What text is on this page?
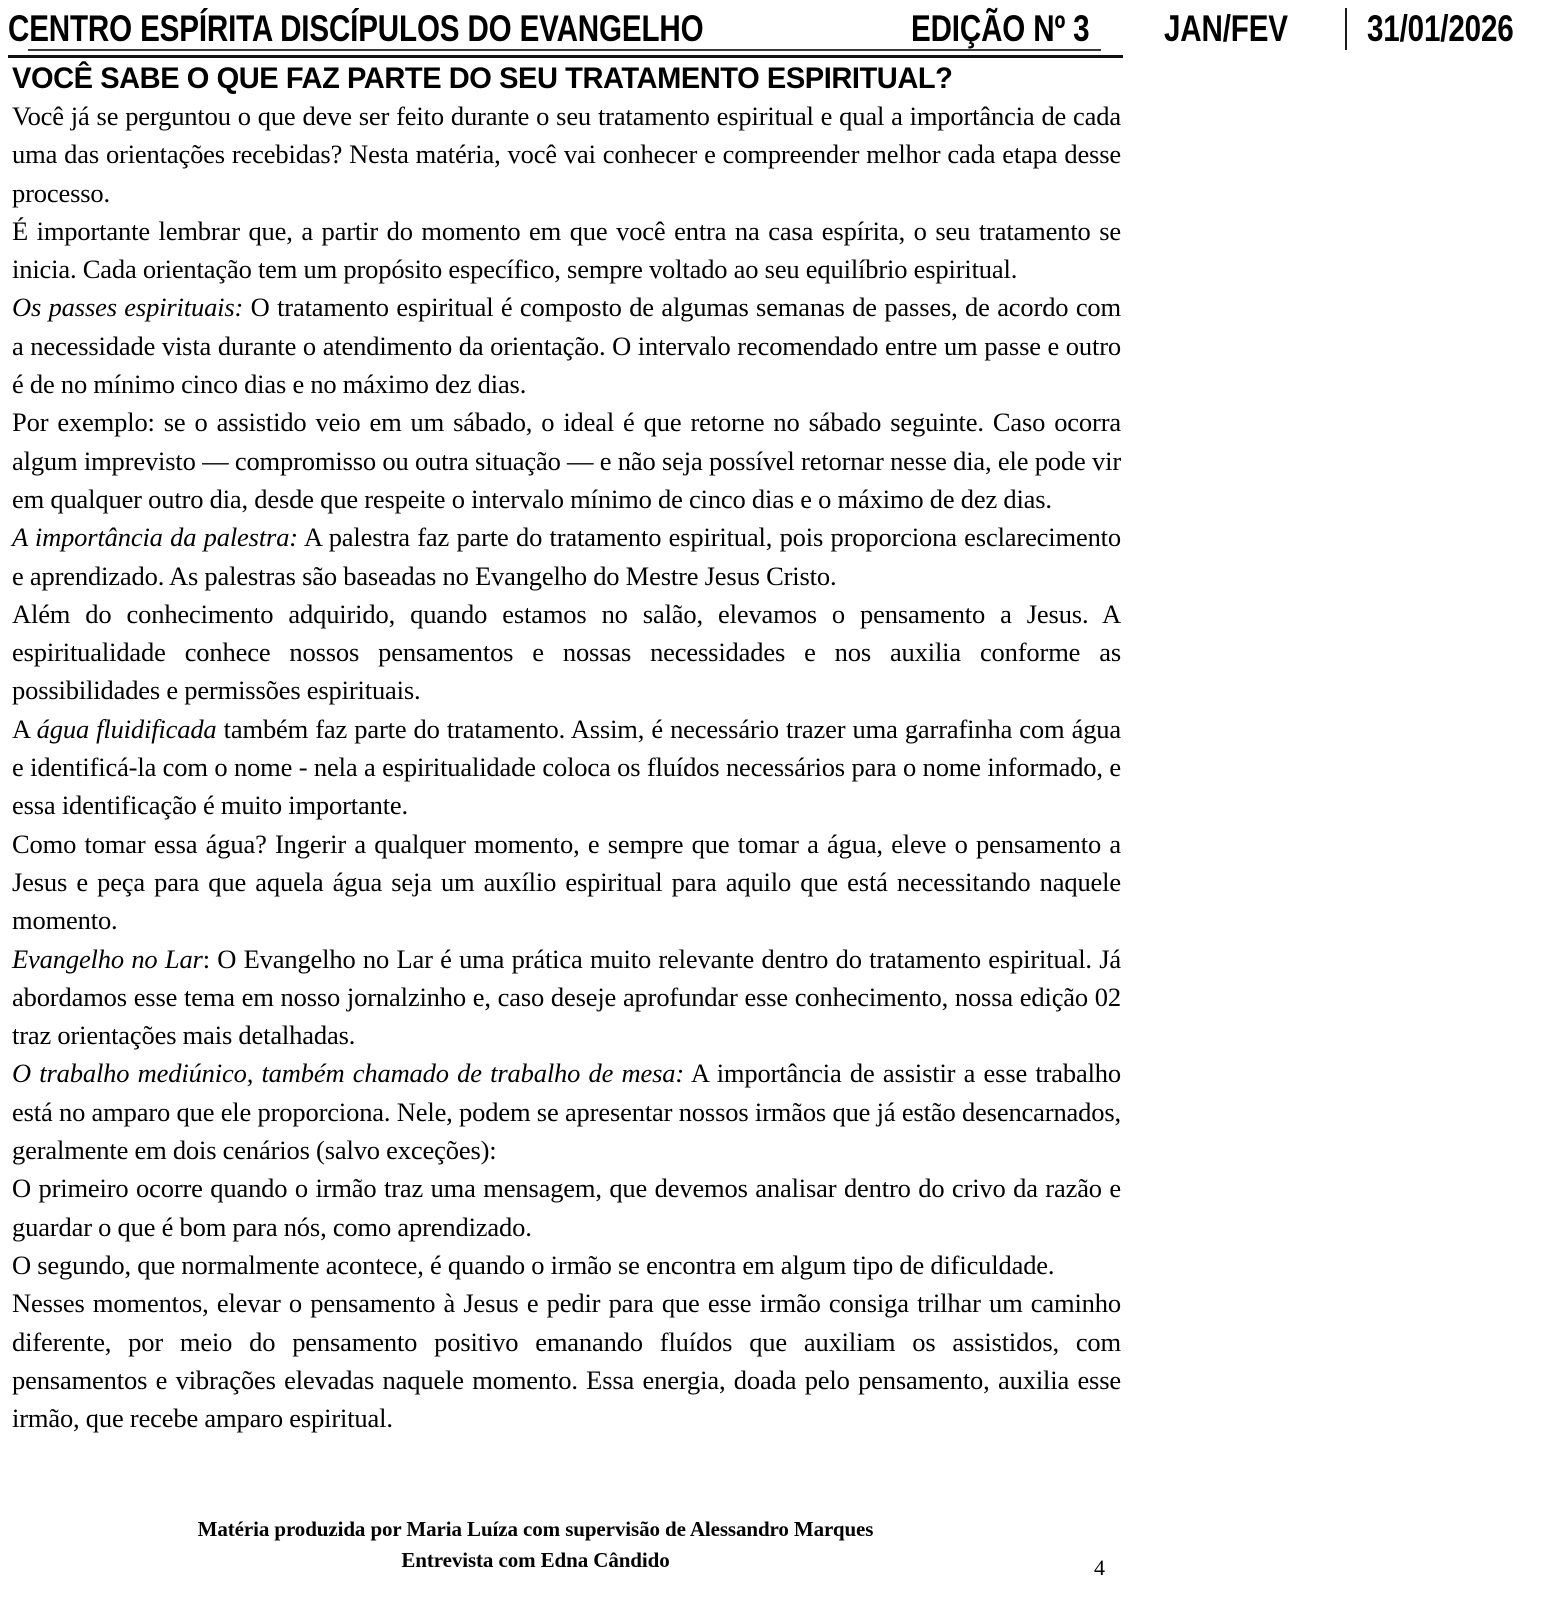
CENTRO ESPÍRITA DISCÍPULOS DO EVANGELHO	EDIÇÃO Nº 3 JAN/FEV 31/01/2026
VOCÊ SABE O QUE FAZ PARTE DO SEU TRATAMENTO ESPIRITUAL?

Você já se perguntou o que deve ser feito durante o seu tratamento espiritual e qual a importância de cada uma das orientações recebidas? Nesta matéria, você vai conhecer e compreender melhor cada etapa desse processo.

É importante lembrar que, a partir do momento em que você entra na casa espírita, o seu tratamento se inicia. Cada orientação tem um propósito específico, sempre voltado ao seu equilíbrio espiritual.

Os passes espirituais: O tratamento espiritual é composto de algumas semanas de passes, de acordo com a necessidade vista durante o atendimento da orientação. O intervalo recomendado entre um passe e outro é de no mínimo cinco dias e no máximo dez dias.

Por exemplo: se o assistido veio em um sábado, o ideal é que retorne no sábado seguinte. Caso ocorra algum imprevisto — compromisso ou outra situação — e não seja possível retornar nesse dia, ele pode vir em qualquer outro dia, desde que respeite o intervalo mínimo de cinco dias e o máximo de dez dias.

A importância da palestra: A palestra faz parte do tratamento espiritual, pois proporciona esclarecimento e aprendizado. As palestras são baseadas no Evangelho do Mestre Jesus Cristo.

Além do conhecimento adquirido, quando estamos no salão, elevamos o pensamento a Jesus. A espiritualidade conhece nossos pensamentos e nossas necessidades e nos auxilia conforme as possibilidades e permissões espirituais.

A água fluidificada também faz parte do tratamento. Assim, é necessário trazer uma garrafinha com água e identificá-la com o nome - nela a espiritualidade coloca os fluídos necessários para o nome informado, e essa identificação é muito importante.

Como tomar essa água? Ingerir a qualquer momento, e sempre que tomar a água, eleve o pensamento a Jesus e peça para que aquela água seja um auxílio espiritual para aquilo que está necessitando naquele momento.

Evangelho no Lar: O Evangelho no Lar é uma prática muito relevante dentro do tratamento espiritual. Já abordamos esse tema em nosso jornalzinho e, caso deseje aprofundar esse conhecimento, nossa edição 02 traz orientações mais detalhadas.

O trabalho mediúnico, também chamado de trabalho de mesa: A importância de assistir a esse trabalho está no amparo que ele proporciona. Nele, podem se apresentar nossos irmãos que já estão desencarnados, geralmente em dois cenários (salvo exceções):

O primeiro ocorre quando o irmão traz uma mensagem, que devemos analisar dentro do crivo da razão e guardar o que é bom para nós, como aprendizado.

O segundo, que normalmente acontece, é quando o irmão se encontra em algum tipo de dificuldade.

Nesses momentos, elevar o pensamento à Jesus e pedir para que esse irmão consiga trilhar um caminho diferente, por meio do pensamento positivo emanando fluídos que auxiliam os assistidos, com pensamentos e vibrações elevadas naquele momento. Essa energia, doada pelo pensamento, auxilia esse irmão, que recebe amparo espiritual.

Matéria produzida por Maria Luíza com supervisão de Alessandro Marques
Entrevista com Edna Cândido	4
